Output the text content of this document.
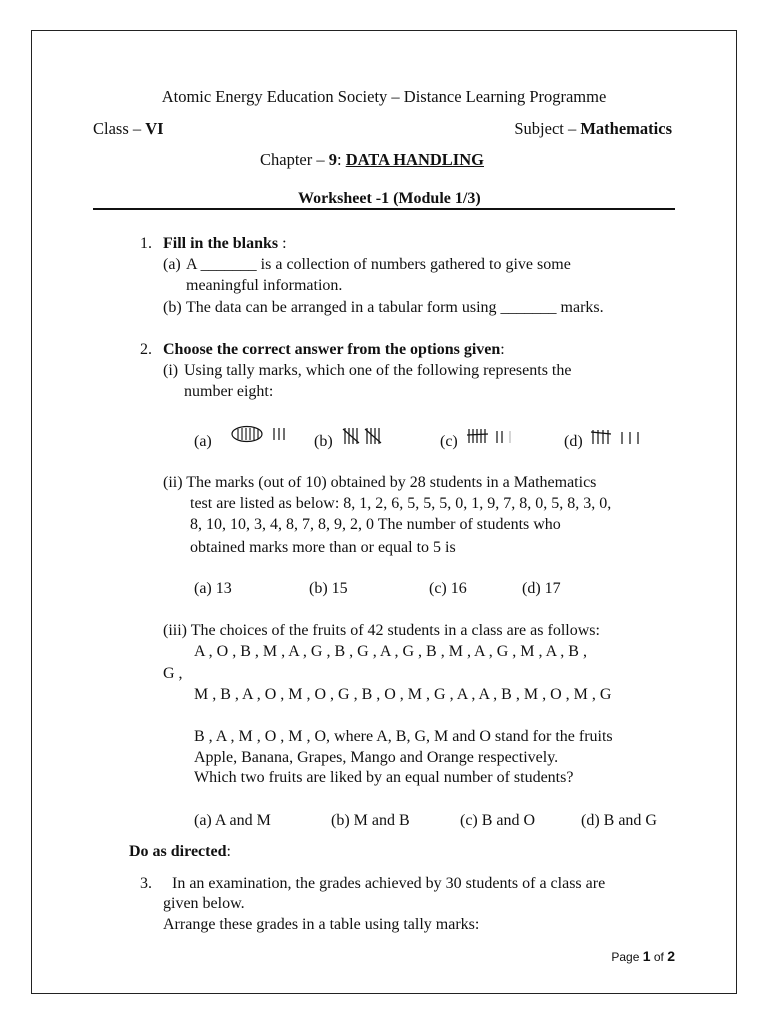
Atomic Energy Education Society – Distance Learning Programme
Class – VI	Subject – Mathematics
Chapter – 9: DATA HANDLING
Worksheet -1 (Module 1/3)
1. Fill in the blanks :
(a) A _______ is a collection of numbers gathered to give some
meaningful information.
(b) The data can be arranged in a tabular form using _______ marks.
2. Choose the correct answer from the options given:
(i) Using tally marks, which one of the following represents the
number eight:
(a)	(b)	(c)	(d)
(ii) The marks (out of 10) obtained by 28 students in a Mathematics
test are listed as below: 8, 1, 2, 6, 5, 5, 5, 0, 1, 9, 7, 8, 0, 5, 8, 3, 0,
8, 10, 10, 3, 4, 8, 7, 8, 9, 2, 0 The number of students who
obtained marks more than or equal to 5 is
(a) 13	(b) 15	(c) 16	(d) 17
(iii) The choices of the fruits of 42 students in a class are as follows:
A , O , B , M , A , G , B , G , A , G , B , M , A , G , M , A , B ,
G ,
M , B , A , O , M , O , G , B , O , M , G , A , A , B , M , O , M , G
B , A , M , O , M , O, where A, B, G, M and O stand for the fruits
Apple, Banana, Grapes, Mango and Orange respectively.
Which two fruits are liked by an equal number of students?
(a) A and M	(b) M and B	(c) B and O	(d) B and G
Do as directed:
3. In an examination, the grades achieved by 30 students of a class are
given below.
Arrange these grades in a table using tally marks:
Page 1 of 2
